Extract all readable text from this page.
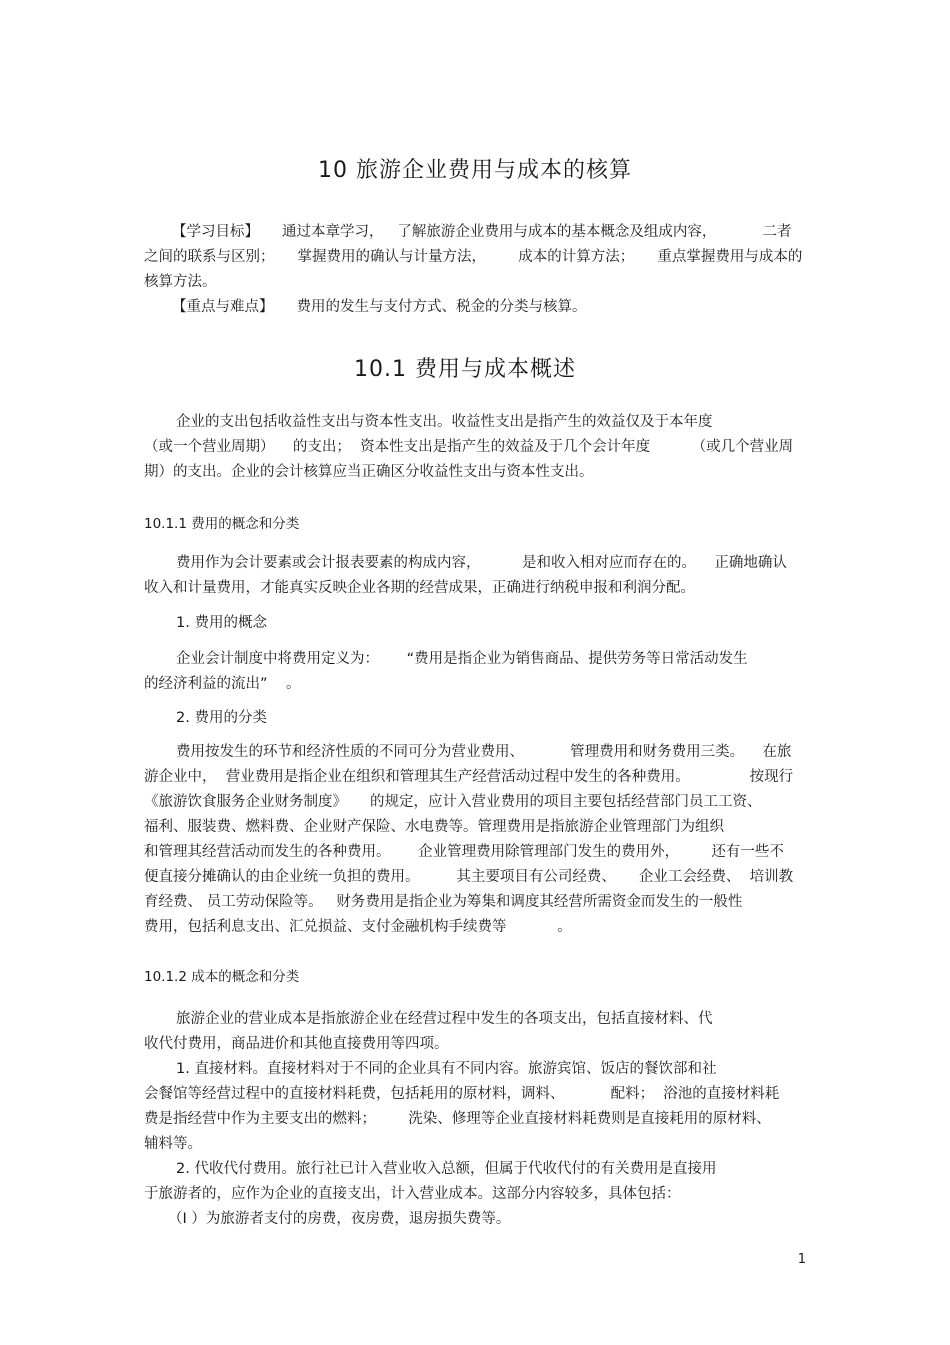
10 旅游企业费用与成本的核算
【学习目标】     通过本章学习，   了解旅游企业费用与成本的基本概念及组成内容，          二者
之间的联系与区别；     掌握费用的确认与计量方法，       成本的计算方法；     重点掌握费用与成本的
核算方法。
【重点与难点】     费用的发生与支付方式、税金的分类与核算。
10.1 费用与成本概述
企业的支出包括收益性支出与资本性支出。收益性支出是指产生的效益仅及于本年度
（或一个营业周期）    的支出；  资本性支出是指产生的效益及于几个会计年度         （或几个营业周
期）的支出。企业的会计核算应当正确区分收益性支出与资本性支出。
10.1.1 费用的概念和分类
费用作为会计要素或会计报表要素的构成内容，         是和收入相对应而存在的。    正确地确认
收入和计量费用，才能真实反映企业各期的经营成果，正确进行纳税申报和利润分配。
1. 费用的概念
企业会计制度中将费用定义为：      “费用是指企业为销售商品、提供劳务等日常活动发生
的经济利益的流出”    。
2. 费用的分类
费用按发生的环节和经济性质的不同可分为营业费用、          管理费用和财务费用三类。    在旅
游企业中，  营业费用是指企业在组织和管理其生产经营活动过程中发生的各种费用。             按现行
《旅游饮食服务企业财务制度》     的规定，应计入营业费用的项目主要包括经营部门员工工资、
福利、服装费、燃料费、企业财产保险、水电费等。管理费用是指旅游企业管理部门为组织
和管理其经营活动而发生的各种费用。      企业管理费用除管理部门发生的费用外，       还有一些不
便直接分摊确认的由企业统一负担的费用。        其主要项目有公司经费、     企业工会经费、  培训教
育经费、 员工劳动保险等。   财务费用是指企业为筹集和调度其经营所需资金而发生的一般性
费用，包括利息支出、汇兑损益、支付金融机构手续费等           。
10.1.2 成本的概念和分类
旅游企业的营业成本是指旅游企业在经营过程中发生的各项支出，包括直接材料、代
收代付费用，商品进价和其他直接费用等四项。
1. 直接材料。直接材料对于不同的企业具有不同内容。旅游宾馆、饭店的餐饮部和社
会餐馆等经营过程中的直接材料耗费，包括耗用的原材料，调料、          配料；  浴池的直接材料耗
费是指经营中作为主要支出的燃料；       洗染、修理等企业直接材料耗费则是直接耗用的原材料、
辅料等。
2. 代收代付费用。旅行社已计入营业收入总额，但属于代收代付的有关费用是直接用
于旅游者的，应作为企业的直接支出，计入营业成本。这部分内容较多，具体包括：
（I ）为旅游者支付的房费，夜房费，退房损失费等。
1
